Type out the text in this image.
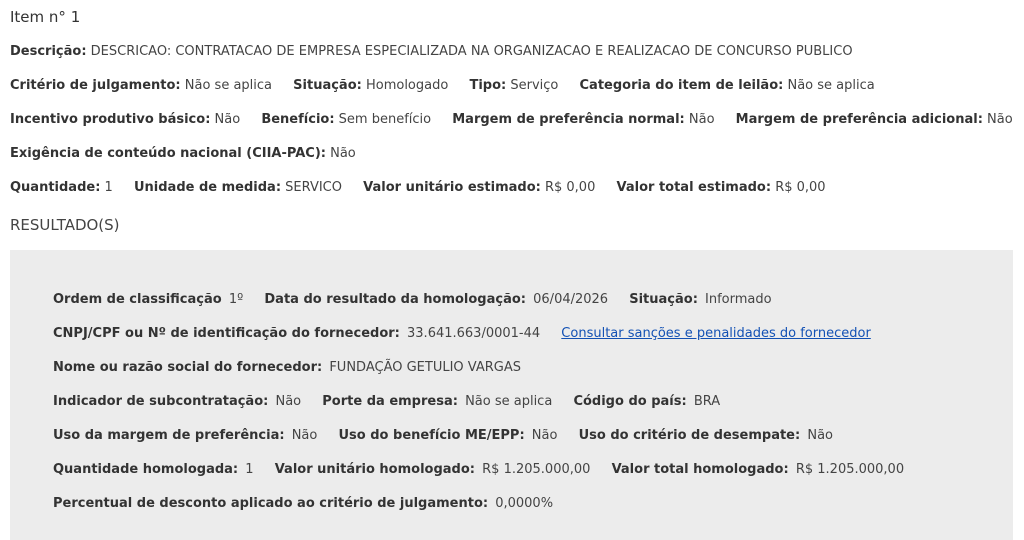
Item n° 1
Descrição: DESCRICAO: CONTRATACAO DE EMPRESA ESPECIALIZADA NA ORGANIZACAO E REALIZACAO DE CONCURSO PUBLICO
Critério de julgamento: Não se aplica Situação: Homologado Tipo: Serviço Categoria do item de leilão: Não se aplica
Incentivo produtivo básico: Não Benefício: Sem benefício Margem de preferência normal: Não Margem de preferência adicional: Não
Exigência de conteúdo nacional (CIIA-PAC): Não
Quantidade: 1 Unidade de medida: SERVICO Valor unitário estimado: R$ 0,00 Valor total estimado: R$ 0,00
RESULTADO(S)
Ordem de classificação 1º Data do resultado da homologação: 06/04/2026 Situação: Informado
CNPJ/CPF ou Nº de identificação do fornecedor: 33.641.663/0001-44 Consultar sanções e penalidades do fornecedor
Nome ou razão social do fornecedor: FUNDAÇÃO GETULIO VARGAS
Indicador de subcontratação: Não Porte da empresa: Não se aplica Código do país: BRA
Uso da margem de preferência: Não Uso do benefício ME/EPP: Não Uso do critério de desempate: Não
Quantidade homologada: 1 Valor unitário homologado: R$ 1.205.000,00 Valor total homologado: R$ 1.205.000,00
Percentual de desconto aplicado ao critério de julgamento: 0,0000%
